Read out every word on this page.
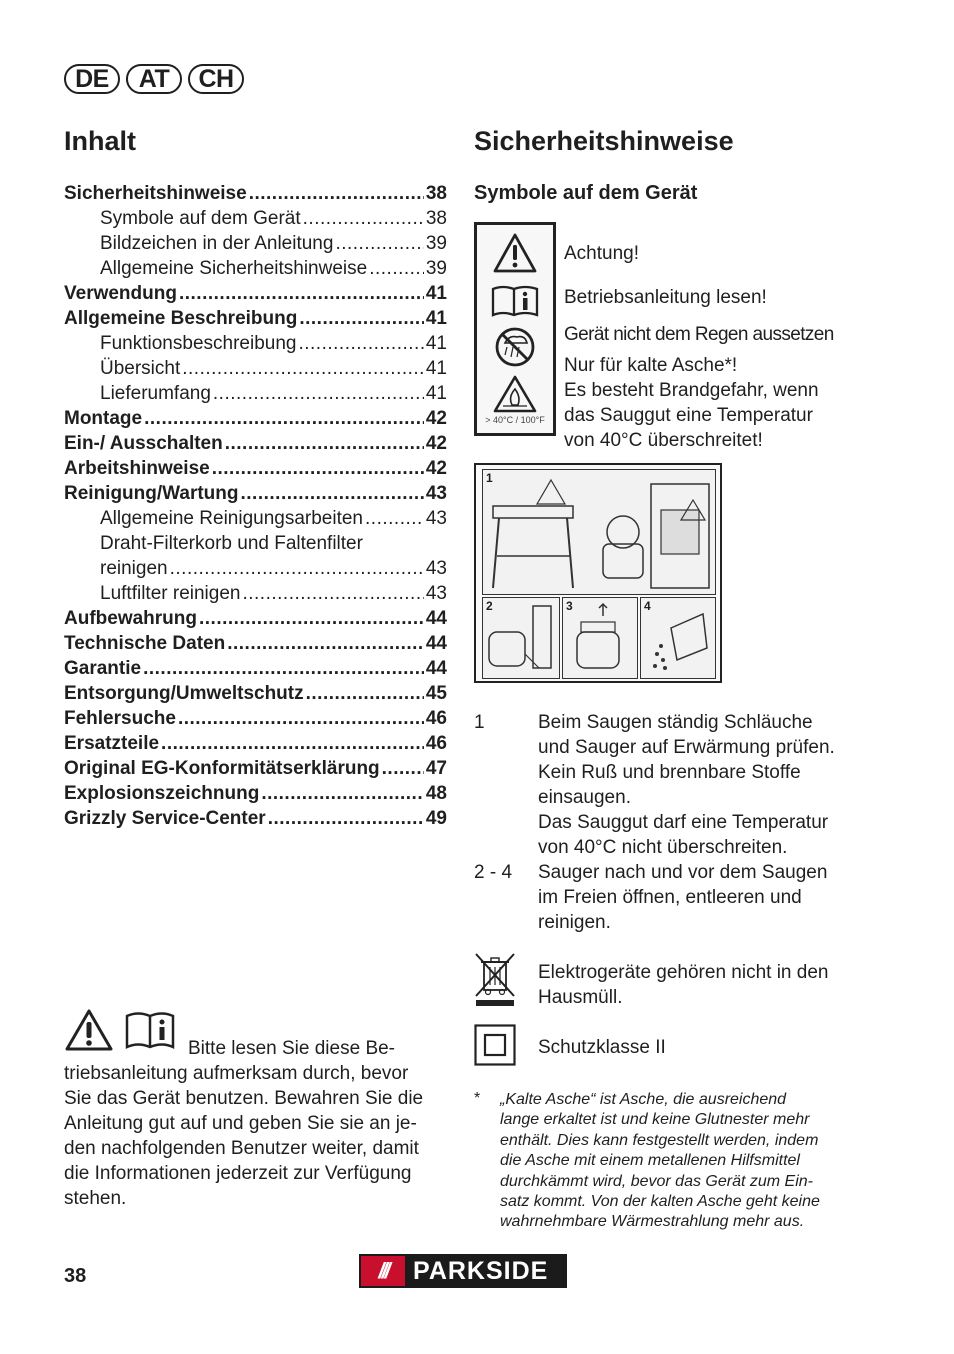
DE	AT	CH
Inhalt	Sicherheitshinweise
Symbole auf dem Gerät
Sicherheitshinweise .....	38
Symbole auf dem Gerät .....	38
Bildzeichen in der Anleitung .....	39
Allgemeine Sicherheitshinweise .....	39
Verwendung .....	41
Allgemeine Beschreibung .....	41
Funktionsbeschreibung .....	41
Übersicht .....	41
Lieferumfang .....	41
Montage .....	42
Ein-/ Ausschalten .....	42
Arbeitshinweise .....	42
Reinigung/Wartung .....	43
Allgemeine Reinigungsarbeiten .....	43
Draht-Filterkorb und Faltenfilter
reinigen .....	43
Luftfilter reinigen .....	43
Aufbewahrung .....	44
Technische Daten .....	44
Garantie .....	44
Entsorgung/Umweltschutz .....	45
Fehlersuche .....	46
Ersatzteile .....	46
Original EG-Konformitätserklärung ..... 47
Explosionszeichnung .....	48
Grizzly Service-Center .....	49
Bitte lesen Sie diese Be-
triebsanleitung aufmerksam durch, bevor
Sie das Gerät benutzen. Bewahren Sie die
Anleitung gut auf und geben Sie sie an je-
den nachfolgenden Benutzer weiter, damit
die Informationen jederzeit zur Verfügung
stehen.
> 40°C / 100°F
Achtung!
Betriebsanleitung lesen!
Gerät nicht dem Regen aussetzen
Nur für kalte Asche*!
Es besteht Brandgefahr, wenn
das Sauggut eine Temperatur
von 40°C überschreitet!
1
2	3	4
1	Beim Saugen ständig Schläuche
und Sauger auf Erwärmung prüfen.
Kein Ruß und brennbare Stoffe
einsaugen.
Das Sauggut darf eine Temperatur
von 40°C nicht überschreiten.
2 - 4 Sauger nach und vor dem Saugen
im Freien öffnen, entleeren und
reinigen.
Elektrogeräte gehören nicht in den
Hausmüll.
Schutzklasse II
* „Kalte Asche“ ist Asche, die ausreichend
lange erkaltet ist und keine Glutnester mehr
enthält. Dies kann festgestellt werden, indem
die Asche mit einem metallenen Hilfsmittel
durchkämmt wird, bevor das Gerät zum Ein-
satz kommt. Von der kalten Asche geht keine
wahrnehmbare Wärmestrahlung mehr aus.
38	///	PARKSIDE
